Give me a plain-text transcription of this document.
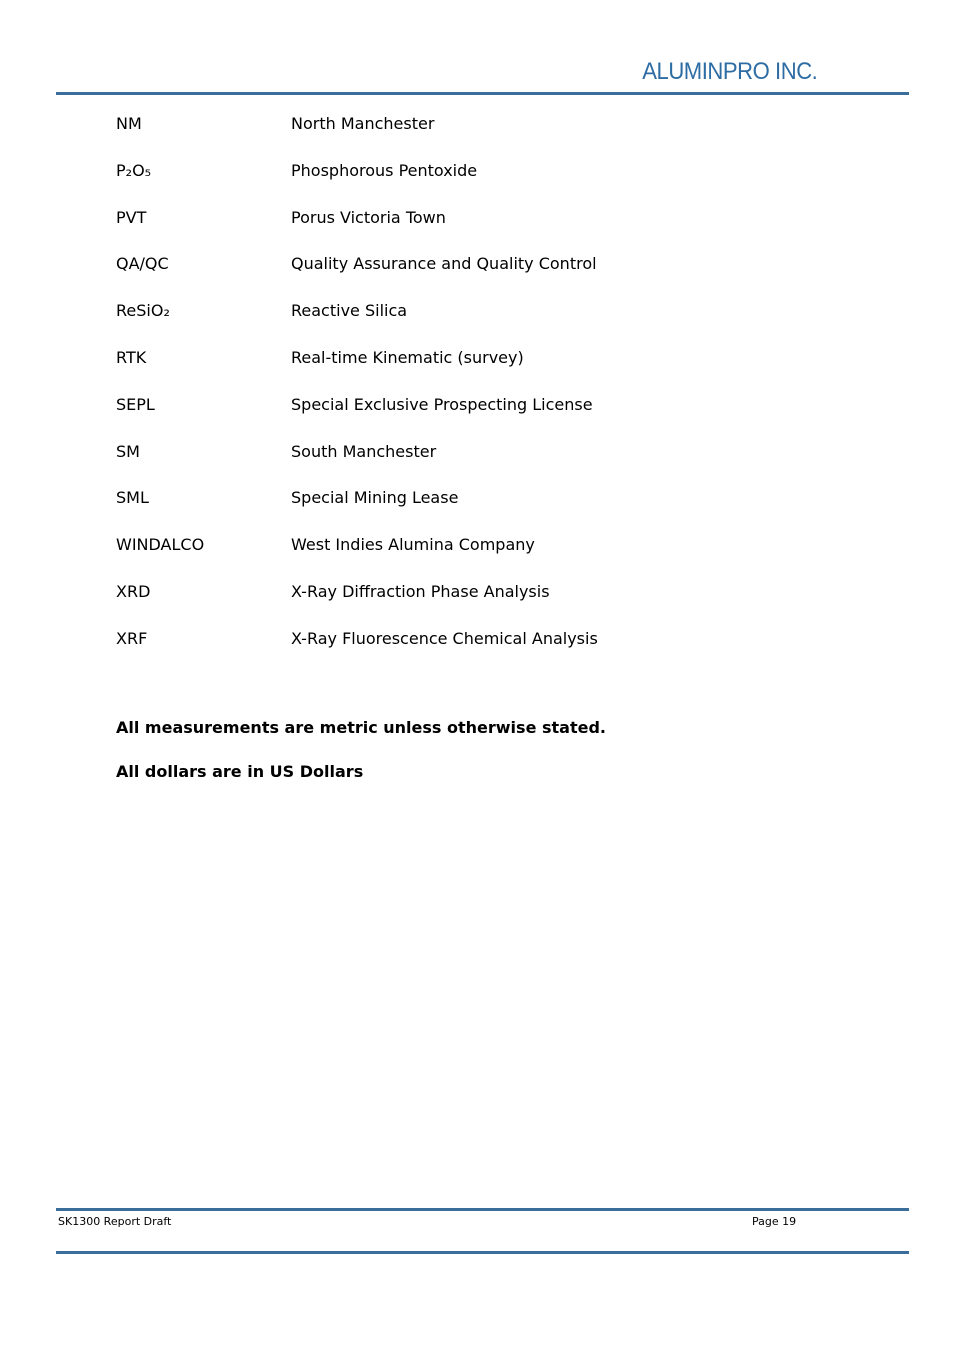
ALUMINPRO INC.
NM	North Manchester
P₂O₅	Phosphorous Pentoxide
PVT	Porus Victoria Town
QA/QC	Quality Assurance and Quality Control
ReSiO₂	Reactive Silica
RTK	Real-time Kinematic (survey)
SEPL	Special Exclusive Prospecting License
SM	South Manchester
SML	Special Mining Lease
WINDALCO	West Indies Alumina Company
XRD	X-Ray Diffraction Phase Analysis
XRF	X-Ray Fluorescence Chemical Analysis
All measurements are metric unless otherwise stated.
All dollars are in US Dollars
SK1300 Report Draft	Page 19
